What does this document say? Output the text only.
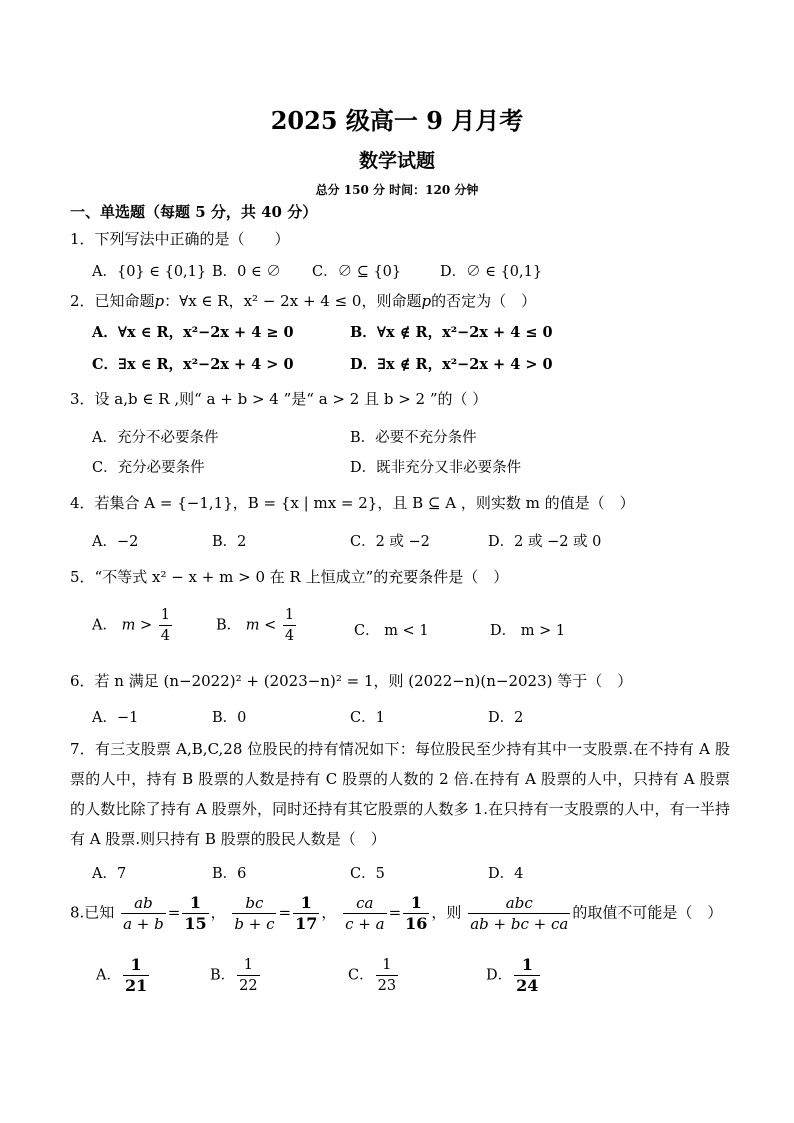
2025 级高一 9 月月考
数学试题
总分 150 分 时间：120 分钟
一、单选题（每题 5 分，共 40 分）
1．下列写法中正确的是（　　）
A．{0} ∈ {0,1} B．0 ∈ ∅ C．∅ ⊆ {0}	D．∅ ∈ {0,1}
2．已知命题p：∀x ∈ R，x² − 2x + 4 ≤ 0，则命题p的否定为（　）
A．∀x ∈ R，x²−2x + 4 ≥ 0	B．∀x ∉ R，x²−2x + 4 ≤ 0
C．∃x ∈ R，x²−2x + 4 > 0	D．∃x ∉ R，x²−2x + 4 > 0
3．设 a,b ∈ R ,则“ a + b > 4 ”是“ a > 2 且 b > 2 ”的（ ）
A．充分不必要条件	B．必要不充分条件
C．充分必要条件	D．既非充分又非必要条件
4．若集合 A = {−1,1}，B = {x | mx = 2}，且 B ⊆ A ，则实数 m 的值是（　）
A．−2	B．2	C．2 或 −2	D．2 或 −2 或 0
5．“不等式 x² − x + m > 0 在 R 上恒成立”的充要条件是（　）
A． $m > \frac{1}{4}$	B． $m < \frac{1}{4}$	C． m < 1	D． m > 1
6．若 n 满足 (n−2022)² + (2023−n)² = 1，则 (2022−n)(n−2023) 等于（　）
A．−1	B．0	C．1	D．2
7．有三支股票 A,B,C,28 位股民的持有情况如下：每位股民至少持有其中一支股票.在不持有 A 股票的人中，持有 B 股票的人数是持有 C 股票的人数的 2 倍.在持有 A 股票的人中，只持有 A 股票的人数比除了持有 A 股票外，同时还持有其它股票的人数多 1.在只持有一支股票的人中，有一半持有 A 股票.则只持有 B 股票的股民人数是（　）
A．7	B．6	C．5	D．4
8.已知 $\frac{ab}{a + b} = \frac{1}{15}$ ， $\frac{bc}{b + c} = \frac{1}{17}$ ， $\frac{ca}{c + a} = \frac{1}{16}$ ，则 $\frac{\text{abc}}{ab + bc + ca}$ 的取值不可能是（　）
A． $\frac{1}{21}$	B． $\frac{1}{22}$	C． $\frac{1}{23}$	D． $\frac{1}{24}$
